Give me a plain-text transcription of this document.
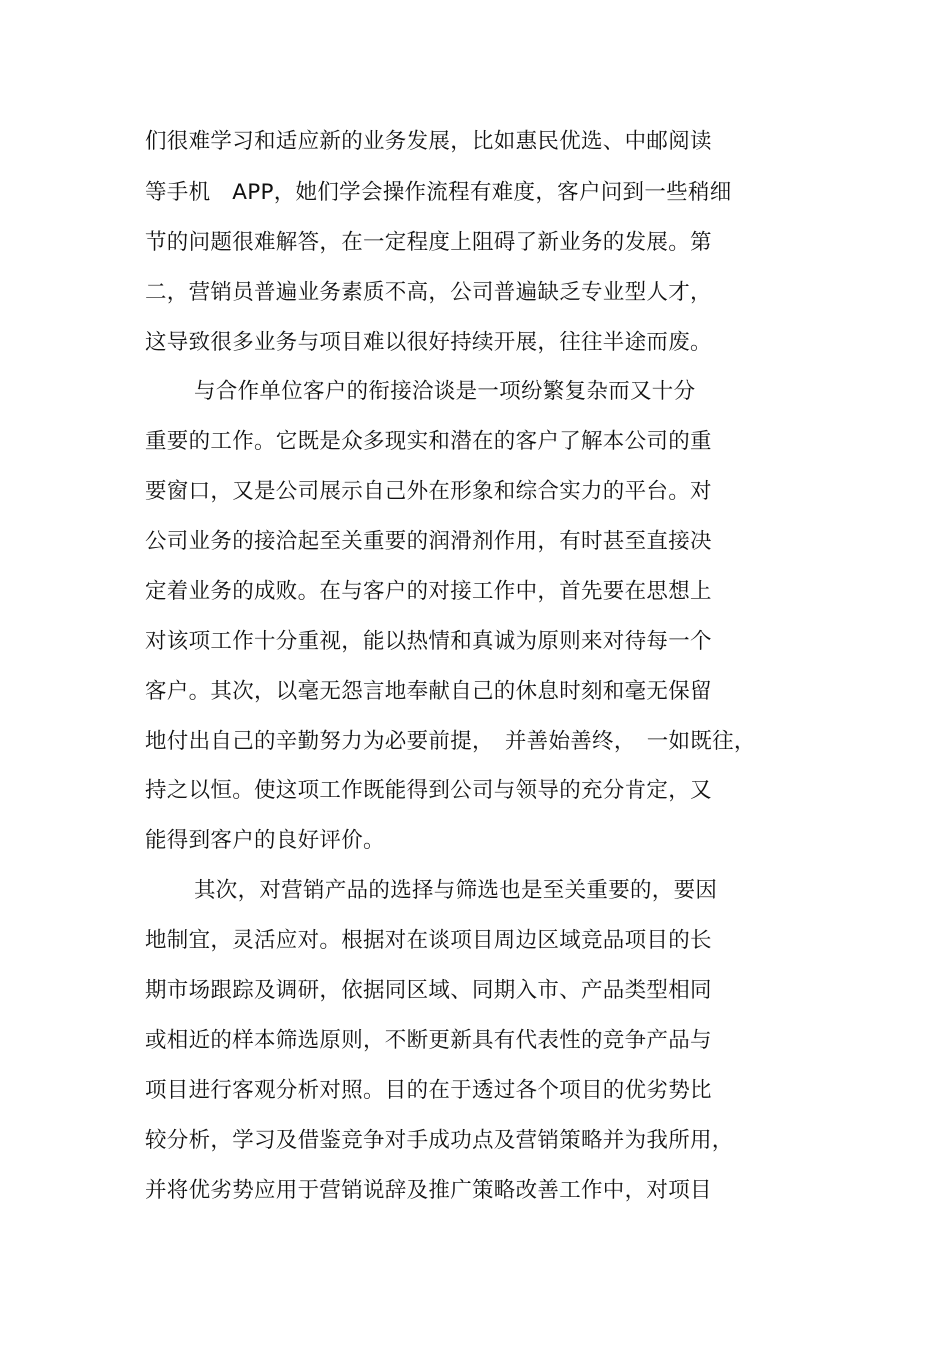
们很难学习和适应新的业务发展，比如惠民优选、中邮阅读
等手机　APP，她们学会操作流程有难度，客户问到一些稍细
节的问题很难解答，在一定程度上阻碍了新业务的发展。第
二，营销员普遍业务素质不高，公司普遍缺乏专业型人才，
这导致很多业务与项目难以很好持续开展，往往半途而废。
与合作单位客户的衔接洽谈是一项纷繁复杂而又十分
重要的工作。它既是众多现实和潜在的客户了解本公司的重
要窗口，又是公司展示自己外在形象和综合实力的平台。对
公司业务的接洽起至关重要的润滑剂作用，有时甚至直接决
定着业务的成败。在与客户的对接工作中，首先要在思想上
对该项工作十分重视，能以热情和真诚为原则来对待每一个
客户。其次，以毫无怨言地奉献自己的休息时刻和毫无保留
地付出自己的辛勤努力为必要前提，　并善始善终，　一如既往，
持之以恒。使这项工作既能得到公司与领导的充分肯定，又
能得到客户的良好评价。
其次，对营销产品的选择与筛选也是至关重要的，要因
地制宜，灵活应对。根据对在谈项目周边区域竞品项目的长
期市场跟踪及调研，依据同区域、同期入市、产品类型相同
或相近的样本筛选原则，不断更新具有代表性的竞争产品与
项目进行客观分析对照。目的在于透过各个项目的优劣势比
较分析，学习及借鉴竞争对手成功点及营销策略并为我所用，
并将优劣势应用于营销说辞及推广策略改善工作中，对项目
